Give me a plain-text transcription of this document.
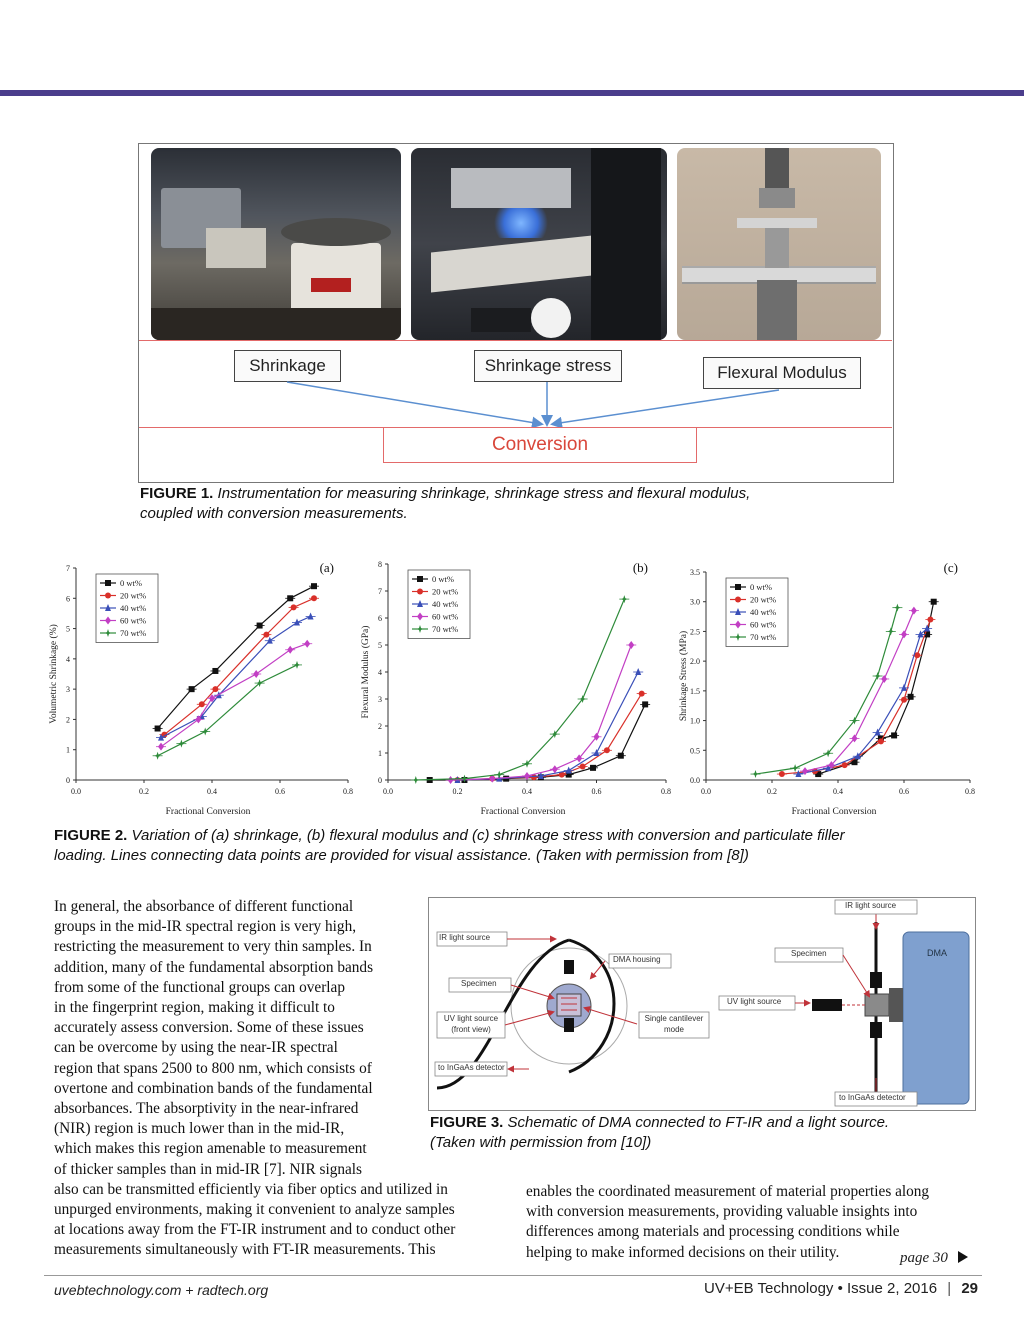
Shrinkage	Shrinkage stress	Flexural Modulus
Conversion
FIGURE 1. Instrumentation for measuring shrinkage, shrinkage stress and flexural modulus,
coupled with conversion measurements.
0
1
2
3
4
5
6
7
0.0	0.2	0.4	0.6	0.8
Fractional Conversion
Volumetric Shrinkage (%)
(a)
0 wt%
20 wt%
40 wt%
60 wt%
70 wt%
0
1
2
3
4
5
6
7
8
0.0	0.2	0.4	0.6	0.8
Fractional Conversion
Flexural Modulus (GPa)
(b)
0 wt%
20 wt%
40 wt%
60 wt%
70 wt%
0.0
0.5
1.0
1.5
2.0
2.5
3.0
3.5
0.0	0.2	0.4	0.6	0.8
Fractional Conversion
Shrinkage Stress (MPa)
(c)
0 wt%
20 wt%
40 wt%
60 wt%
70 wt%
FIGURE 2. Variation of (a) shrinkage, (b) flexural modulus and (c) shrinkage stress with conversion and particulate filler
loading. Lines connecting data points are provided for visual assistance. (Taken with permission from [8])
IR light source
DMA housing
Specimen
UV light source
(front view)
Single cantilever
mode
to InGaAs detector
IR light source
Specimen
UV light source
DMA
to InGaAs detector
FIGURE 3. Schematic of DMA connected to FT-IR and a light source.
(Taken with permission from [10])
In general, the absorbance of different functional
groups in the mid-IR spectral region is very high,
restricting the measurement to very thin samples. In
addition, many of the fundamental absorption bands
from some of the functional groups can overlap
in the fingerprint region, making it difficult to
accurately assess conversion. Some of these issues
can be overcome by using the near-IR spectral
region that spans 2500 to 800 nm, which consists of
overtone and combination bands of the fundamental
absorbances. The absorptivity in the near-infrared
(NIR) region is much lower than in the mid-IR,
which makes this region amenable to measurement
of thicker samples than in mid-IR [7]. NIR signals
also can be transmitted efficiently via fiber optics and utilized in
unpurged environments, making it convenient to analyze samples
at locations away from the FT-IR instrument and to conduct other
measurements simultaneously with FT-IR measurements. This
enables the coordinated measurement of material properties along
with conversion measurements, providing valuable insights into
differences among materials and processing conditions while
helping to make informed decisions on their utility.	page 30
uvebtechnology.com + radtech.org	UV+EB Technology • Issue 2, 2016 | 29
